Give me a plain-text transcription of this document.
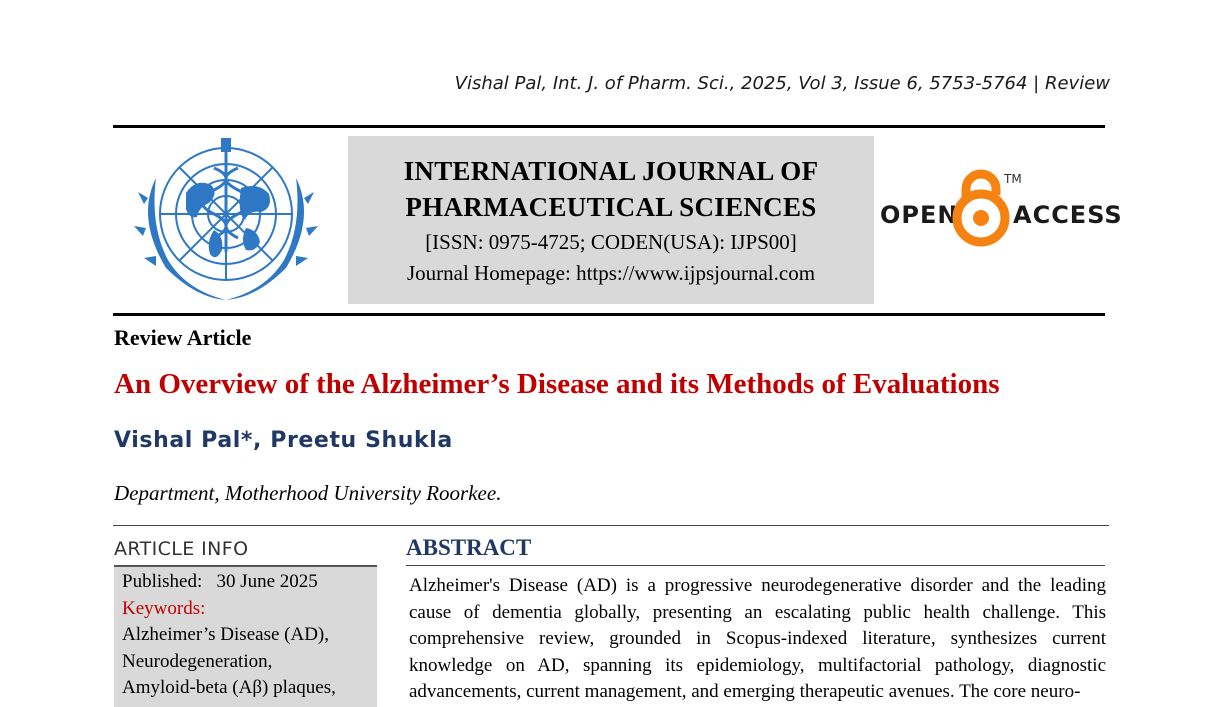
Vishal Pal, Int. J. of Pharm. Sci., 2025, Vol 3, Issue 6, 5753-5764 | Review
INTERNATIONAL JOURNAL OF
PHARMACEUTICAL SCIENCES
[ISSN: 0975-4725; CODEN(USA): IJPS00]
Journal Homepage: https://www.ijpsjournal.com
OPEN
TM
ACCESS
Review Article
An Overview of the Alzheimer’s Disease and its Methods of Evaluations
Vishal Pal*, Preetu Shukla
Department, Motherhood University Roorkee.
ARTICLE INFO
Published: 30 June 2025
Keywords:
Alzheimer’s Disease (AD),
Neurodegeneration,
Amyloid-beta (Aβ) plaques,
ABSTRACT
Alzheimer's Disease (AD) is a progressive neurodegenerative disorder and the leading cause of dementia globally, presenting an escalating public health challenge. This comprehensive review, grounded in Scopus-indexed literature, synthesizes current knowledge on AD, spanning its epidemiology, multifactorial pathology, diagnostic advancements, current management, and emerging therapeutic avenues. The core neuro-
